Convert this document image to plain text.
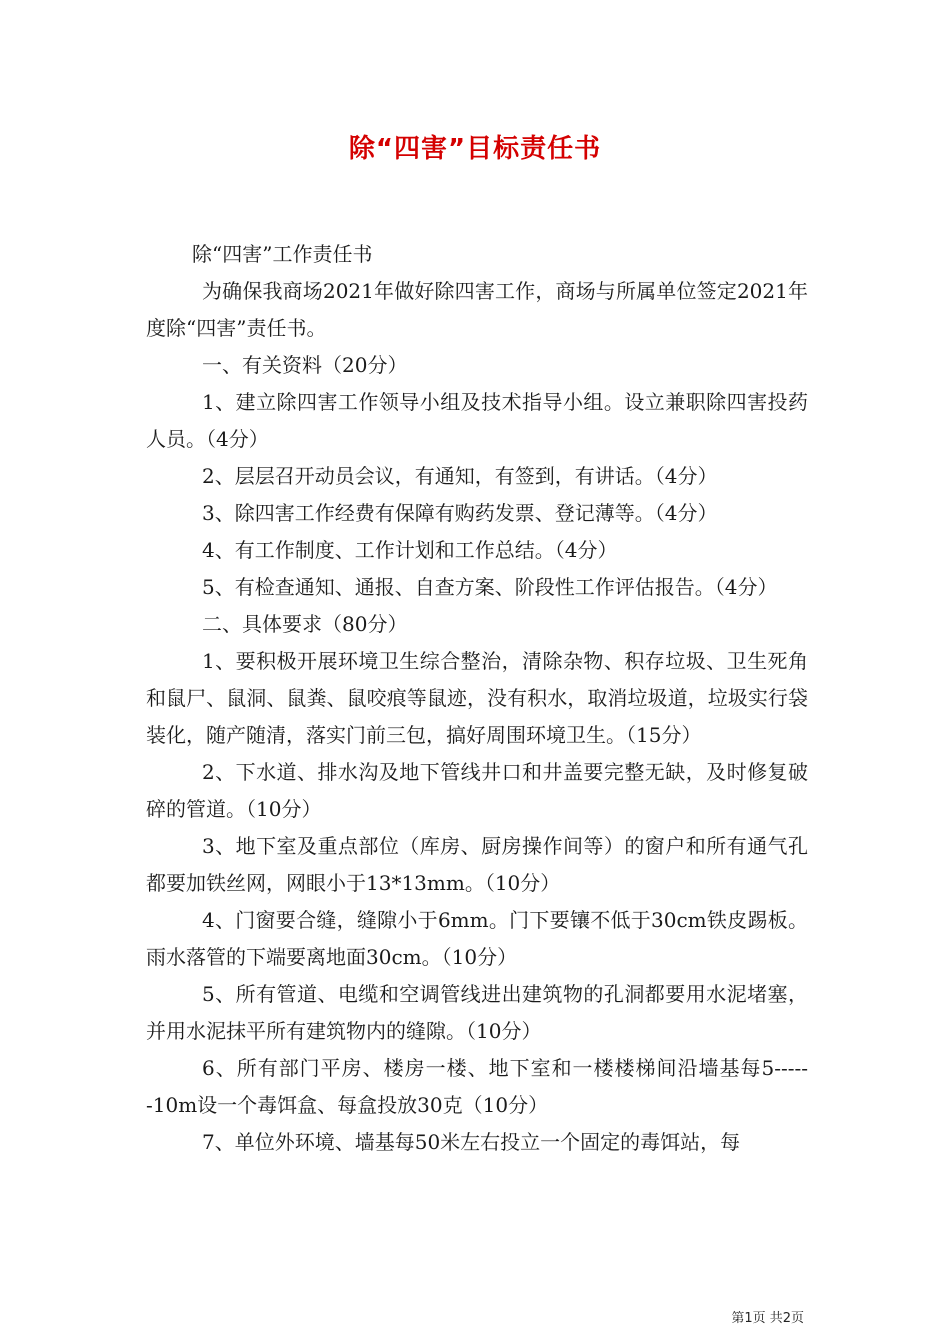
除“四害”目标责任书

除“四害”工作责任书

为确保我商场2021年做好除四害工作，商场与所属单位签定2021年度除“四害”责任书。

一、有关资料（20分）

1、建立除四害工作领导小组及技术指导小组。设立兼职除四害投药人员。（4分）

2、层层召开动员会议，有通知，有签到，有讲话。（4分）

3、除四害工作经费有保障有购药发票、登记薄等。（4分）

4、有工作制度、工作计划和工作总结。（4分）

5、有检查通知、通报、自查方案、阶段性工作评估报告。（4分）

二、具体要求（80分）

1、要积极开展环境卫生综合整治，清除杂物、积存垃圾、卫生死角和鼠尸、鼠洞、鼠粪、鼠咬痕等鼠迹，没有积水，取消垃圾道，垃圾实行袋装化，随产随清，落实门前三包，搞好周围环境卫生。（15分）

2、下水道、排水沟及地下管线井口和井盖要完整无缺，及时修复破碎的管道。（10分）

3、地下室及重点部位（库房、厨房操作间等）的窗户和所有通气孔都要加铁丝网，网眼小于13*13mm。（10分）

4、门窗要合缝，缝隙小于6mm。门下要镶不低于30cm铁皮踢板。雨水落管的下端要离地面30cm。（10分）

5、所有管道、电缆和空调管线进出建筑物的孔洞都要用水泥堵塞，并用水泥抹平所有建筑物内的缝隙。（10分）

6、所有部门平房、楼房一楼、地下室和一楼楼梯间沿墙基每5------10m设一个毒饵盒、每盒投放30克（10分）

7、单位外环境、墙基每50米左右投立一个固定的毒饵站，每

第1页 共2页
